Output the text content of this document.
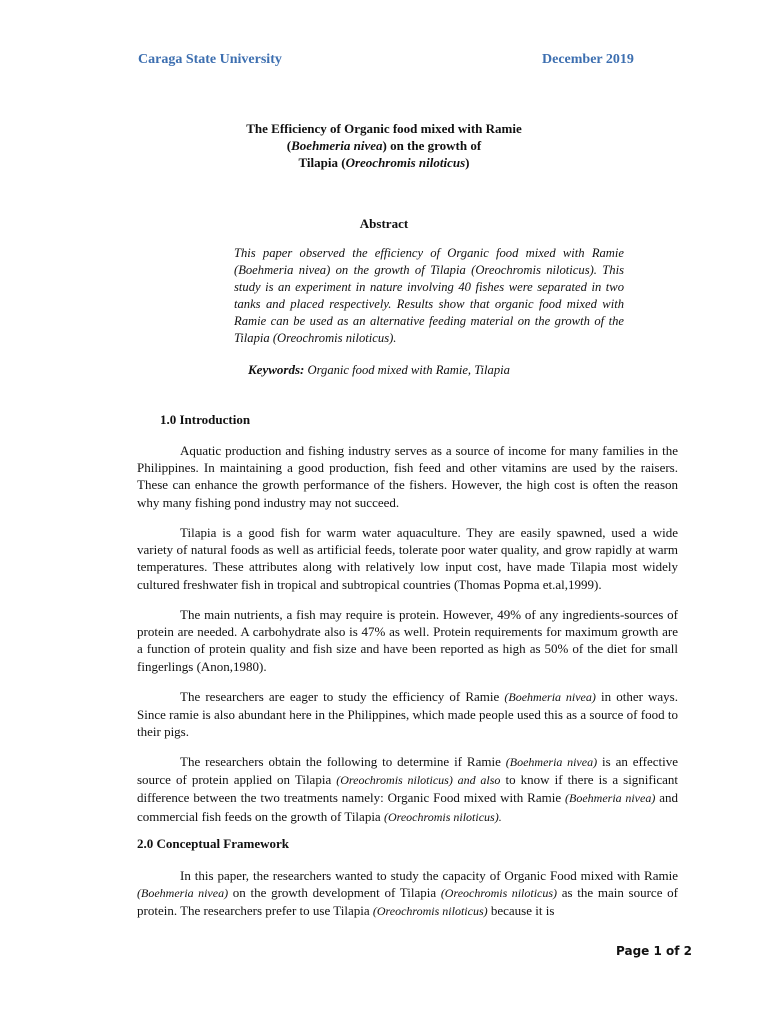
Caraga State University	December 2019
The Efficiency of Organic food mixed with Ramie
(Boehmeria nivea) on the growth of
Tilapia (Oreochromis niloticus)
Abstract
This paper observed the efficiency of Organic food mixed with Ramie (Boehmeria nivea) on the growth of Tilapia (Oreochromis niloticus). This study is an experiment in nature involving 40 fishes were separated in two tanks and placed respectively. Results show that organic food mixed with Ramie can be used as an alternative feeding material on the growth of the Tilapia (Oreochromis niloticus).
Keywords: Organic food mixed with Ramie, Tilapia
1.0 Introduction

Aquatic production and fishing industry serves as a source of income for many families in the Philippines. In maintaining a good production, fish feed and other vitamins are used by the raisers. These can enhance the growth performance of the fishers. However, the high cost is often the reason why many fishing pond industry may not succeed.

Tilapia is a good fish for warm water aquaculture. They are easily spawned, used a wide variety of natural foods as well as artificial feeds, tolerate poor water quality, and grow rapidly at warm temperatures. These attributes along with relatively low input cost, have made Tilapia most widely cultured freshwater fish in tropical and subtropical countries (Thomas Popma et.al,1999).

The main nutrients, a fish may require is protein. However, 49% of any ingredients-sources of protein are needed. A carbohydrate also is 47% as well. Protein requirements for maximum growth are a function of protein quality and fish size and have been reported as high as 50% of the diet for small fingerlings (Anon,1980).

The researchers are eager to study the efficiency of Ramie (Boehmeria nivea) in other ways. Since ramie is also abundant here in the Philippines, which made people used this as a source of food to their pigs.

The researchers obtain the following to determine if Ramie (Boehmeria nivea) is an effective source of protein applied on Tilapia (Oreochromis niloticus) and also to know if there is a significant difference between the two treatments namely: Organic Food mixed with Ramie (Boehmeria nivea) and commercial fish feeds on the growth of Tilapia (Oreochromis niloticus).

2.0 Conceptual Framework

In this paper, the researchers wanted to study the capacity of Organic Food mixed with Ramie (Boehmeria nivea) on the growth development of Tilapia (Oreochromis niloticus) as the main source of protein. The researchers prefer to use Tilapia (Oreochromis niloticus) because it is

Page 1 of 2
